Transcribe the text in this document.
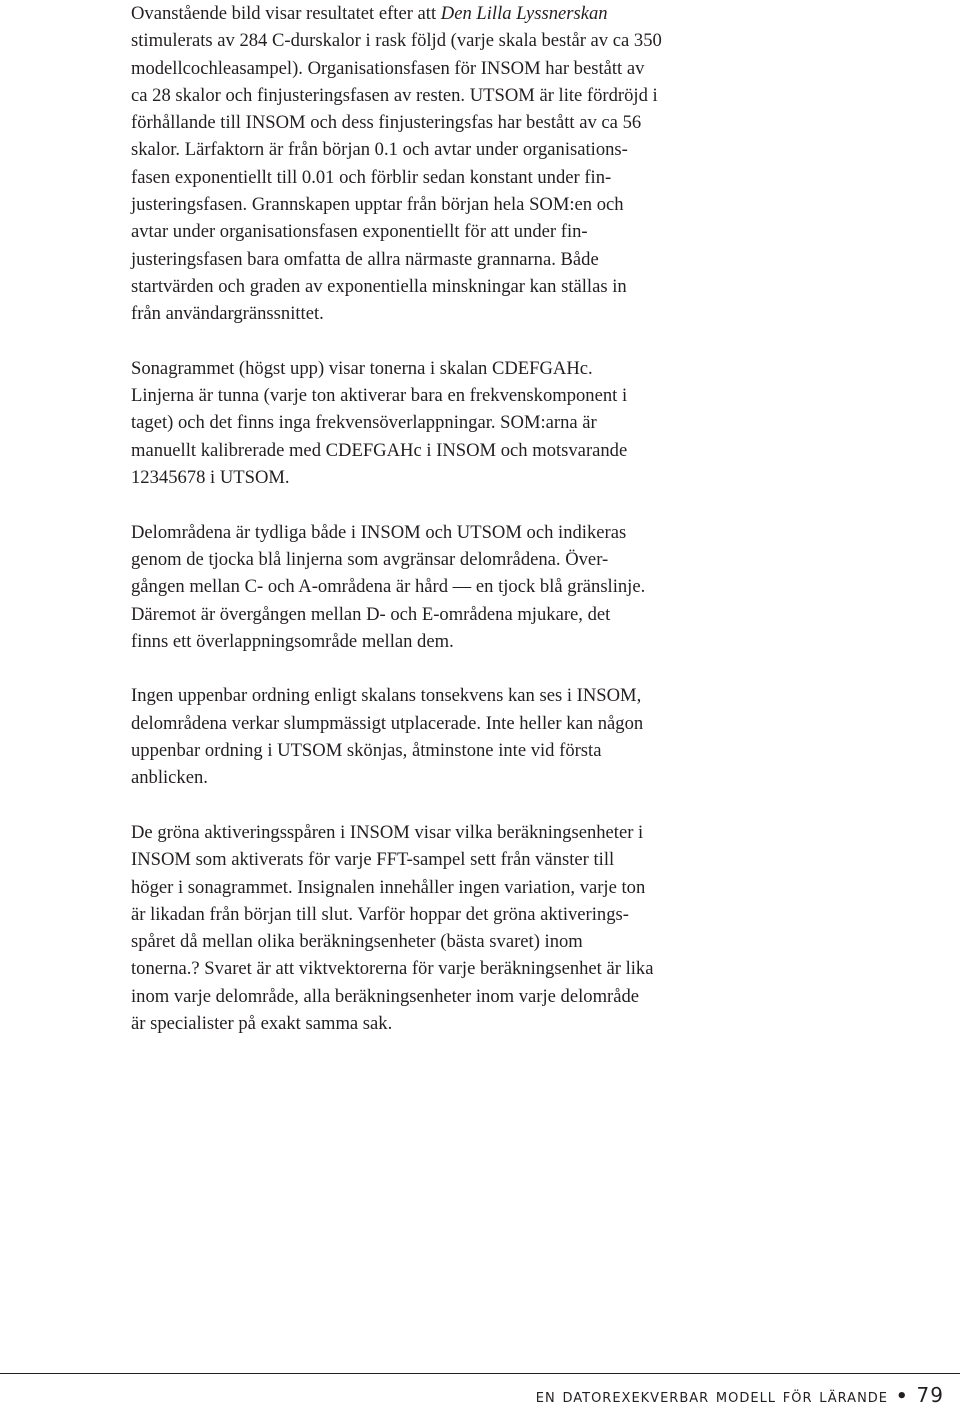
Ovanstående bild visar resultatet efter att Den Lilla Lyssnerskan
stimulerats av 284 C-durskalor i rask följd (varje skala består av ca 350
modellcochleasampel). Organisationsfasen för INSOM har bestått av
ca 28 skalor och finjusteringsfasen av resten. UTSOM är lite fördröjd i
förhållande till INSOM och dess finjusteringsfas har bestått av ca 56
skalor. Lärfaktorn är från början 0.1 och avtar under organisations-
fasen exponentiellt till 0.01 och förblir sedan konstant under fin-
justeringsfasen. Grannskapen upptar från början hela SOM:en och
avtar under organisationsfasen exponentiellt för att under fin-
justeringsfasen bara omfatta de allra närmaste grannarna. Både
startvärden och graden av exponentiella minskningar kan ställas in
från användargränssnittet.

Sonagrammet (högst upp) visar tonerna i skalan CDEFGAHc.
Linjerna är tunna (varje ton aktiverar bara en frekvenskomponent i
taget) och det finns inga frekvensöverlappningar. SOM:arna är
manuellt kalibrerade med CDEFGAHc i INSOM och motsvarande
12345678 i UTSOM.

Delområdena är tydliga både i INSOM och UTSOM och indikeras
genom de tjocka blå linjerna som avgränsar delområdena. Över-
gången mellan C- och A-områdena är hård — en tjock blå gränslinje.
Däremot är övergången mellan D- och E-områdena mjukare, det
finns ett överlappningsområde mellan dem.

Ingen uppenbar ordning enligt skalans tonsekvens kan ses i INSOM,
delområdena verkar slumpmässigt utplacerade. Inte heller kan någon
uppenbar ordning i UTSOM skönjas, åtminstone inte vid första
anblicken.

De gröna aktiveringsspåren i INSOM visar vilka beräkningsenheter i
INSOM som aktiverats för varje FFT-sampel sett från vänster till
höger i sonagrammet. Insignalen innehåller ingen variation, varje ton
är likadan från början till slut. Varför hoppar det gröna aktiverings-
spåret då mellan olika beräkningsenheter (bästa svaret) inom
tonerna.? Svaret är att viktvektorerna för varje beräkningsenhet är lika
inom varje delområde, alla beräkningsenheter inom varje delområde
är specialister på exakt samma sak.

en datorexekverbar modell för lärande • 79
